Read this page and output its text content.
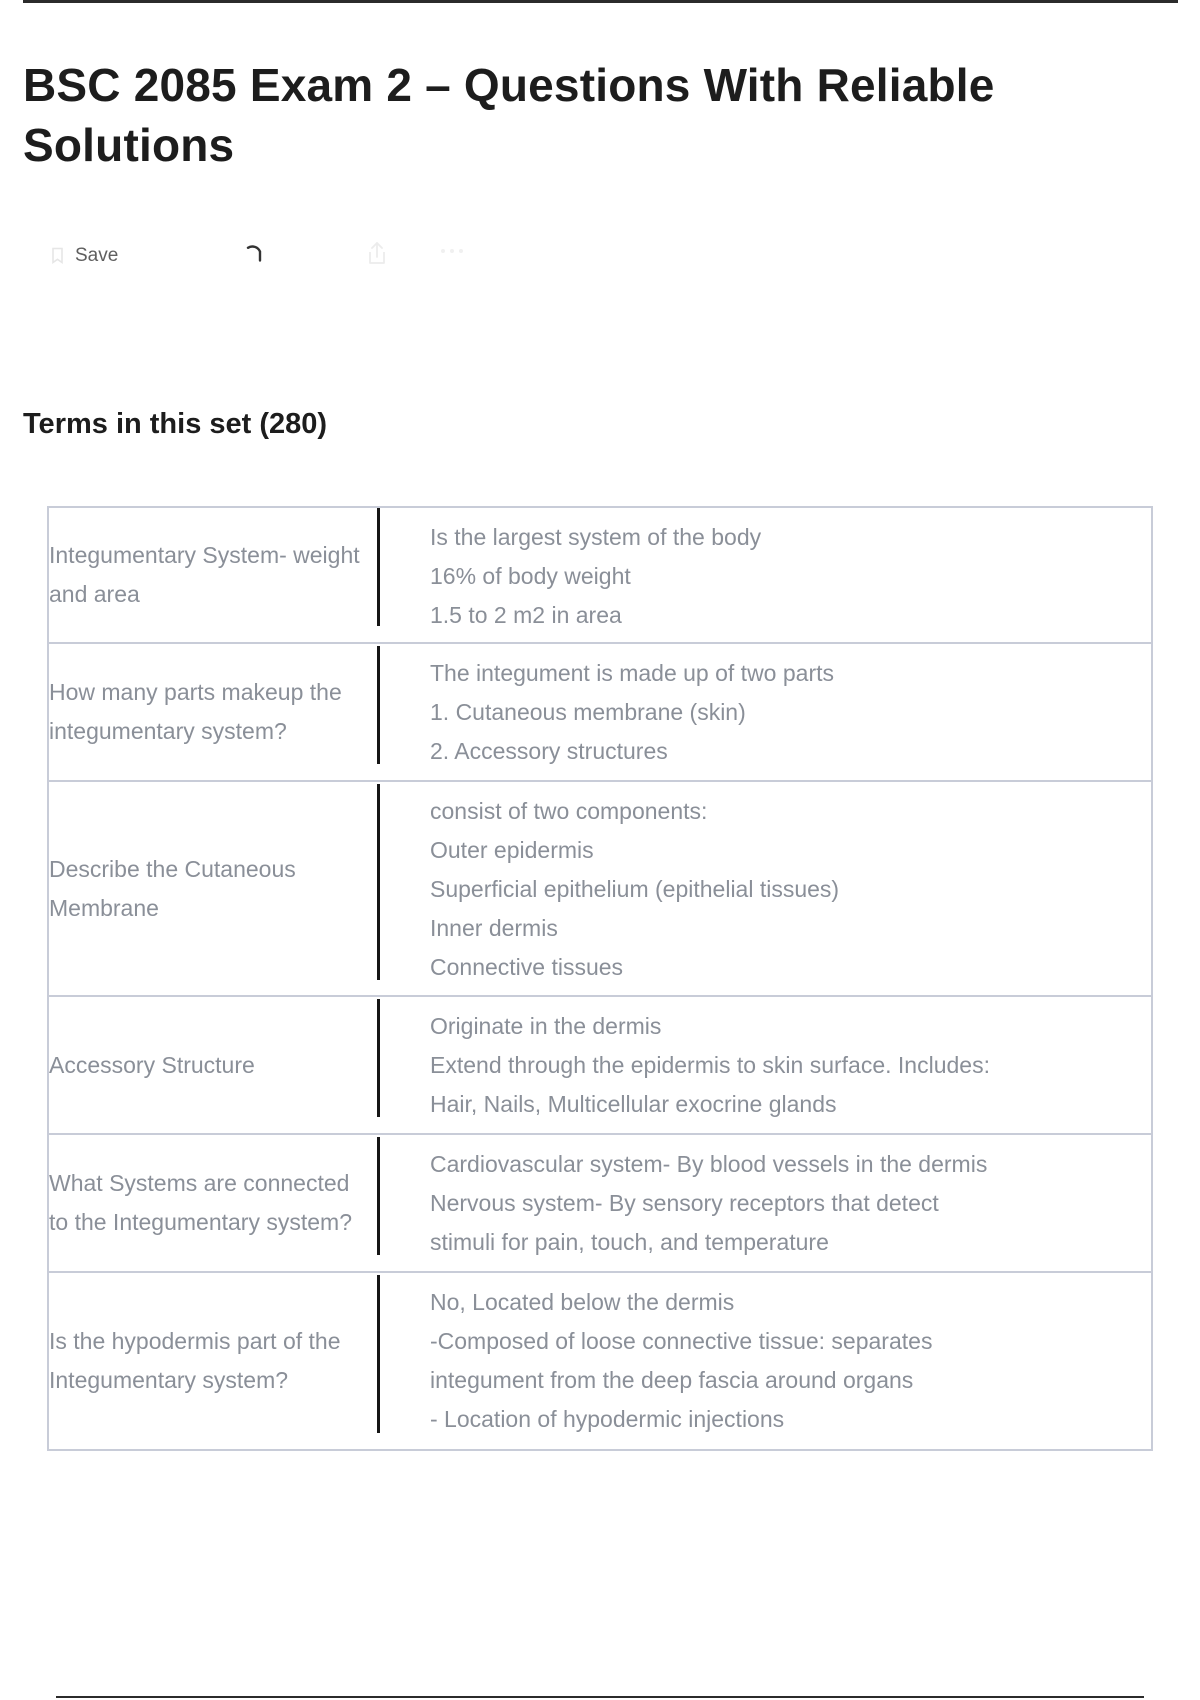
BSC 2085 Exam 2 – Questions With Reliable Solutions
Save
Terms in this set (280)
Integumentary System- weight and area
Is the largest system of the body
16% of body weight
1.5 to 2 m2 in area
How many parts makeup the integumentary system?
The integument is made up of two parts
1. Cutaneous membrane (skin)
2. Accessory structures
Describe the Cutaneous Membrane
consist of two components:
Outer epidermis
Superficial epithelium (epithelial tissues)
Inner dermis
Connective tissues
Accessory Structure
Originate in the dermis
Extend through the epidermis to skin surface. Includes:
Hair, Nails, Multicellular exocrine glands
What Systems are connected to the Integumentary system?
Cardiovascular system- By blood vessels in the dermis
Nervous system- By sensory receptors that detect
stimuli for pain, touch, and temperature
Is the hypodermis part of the Integumentary system?
No, Located below the dermis
-Composed of loose connective tissue: separates
integument from the deep fascia around organs
- Location of hypodermic injections
